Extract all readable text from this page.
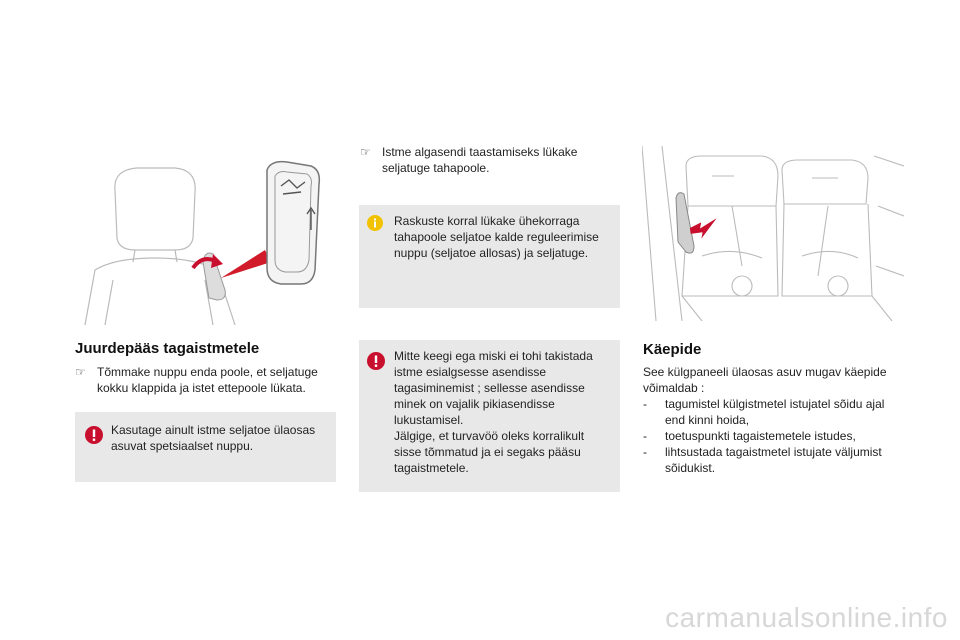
Juurdepääs tagaistmetele
☞ Tõmmake nuppu enda poole, et seljatuge
kokku klappida ja istet ettepoole lükata.
Kasutage ainult istme seljatoe ülaosas
asuvat spetsiaalset nuppu.
☞ Istme algasendi taastamiseks lükake
seljatuge tahapoole.
Raskuste korral lükake ühekorraga
tahapoole seljatoe kalde reguleerimise
nuppu (seljatoe allosas) ja seljatuge.
Mitte keegi ega miski ei tohi takistada
istme esialgsesse asendisse
tagasiminemist ; sellesse asendisse
minek on vajalik pikiasendisse
lukustamisel.
Jälgige, et turvavöö oleks korralikult
sisse tõmmatud ja ei segaks pääsu
tagaistmetele.
Käepide
See külgpaneeli ülaosas asuv mugav käepide
võimaldab :
-	tagumistel külgistmetel istujatel sõidu ajal
end kinni hoida,
-	toetuspunkti tagaistemetele istudes,
-	lihtsustada tagaistmetel istujate väljumist
sõidukist.
carmanualsonline.info
